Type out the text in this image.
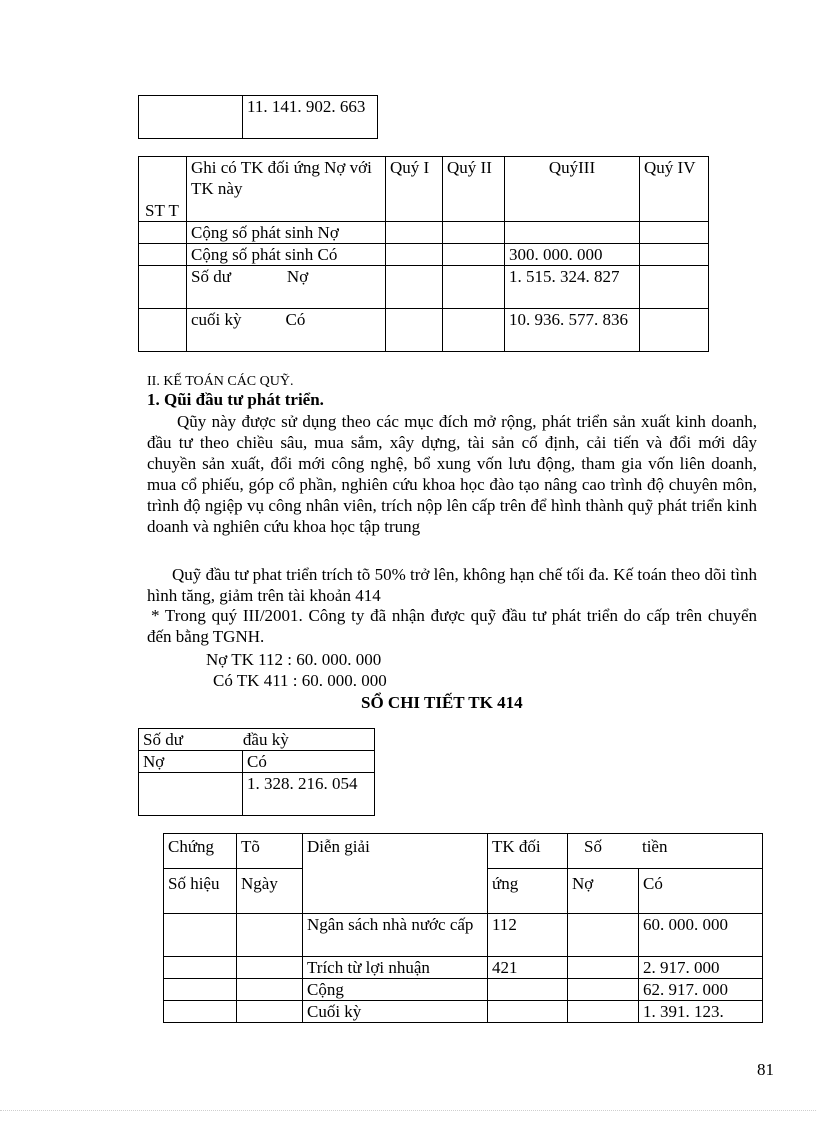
	11. 141. 902. 663
ST T	Ghi có TK đối ứng Nợ với TK này	Quý I	Quý II	QuýIII	Quý IV
	Cộng số phát sinh Nợ				
	Cộng số phát sinh Có			300. 000. 000	
	Số dư Nợ			1. 515. 324. 827	
	cuối kỳ Có			10. 936. 577. 836	
II. KẾ TOÁN CÁC QUỸ.
1. Qũi đầu tư phát triển.
Qũy này được sử dụng theo các mục đích mở rộng, phát triển sản xuất kinh doanh, đầu tư theo chiều sâu, mua sắm, xây dựng, tài sản cố định, cải tiến và đổi mới dây chuyền sản xuất, đổi mới công nghệ, bổ xung vốn lưu động, tham gia vốn liên doanh, mua cổ phiếu, góp cổ phần, nghiên cứu khoa học đào tạo nâng cao trình độ chuyên môn, trình độ ngiệp vụ công nhân viên, trích nộp lên cấp trên để hình thành quỹ phát triển kinh doanh và nghiên cứu khoa học tập trung
Quỹ đầu tư phat triển trích tõ 50% trở lên, không hạn chế tối đa. Kế toán theo dõi tình hình tăng, giảm trên tài khoản 414
* Trong quý III/2001. Công ty đã nhận được quỹ đầu tư phát triển do cấp trên chuyển đến bằng TGNH.
Nợ TK 112 : 60. 000. 000
Có TK 411 : 60. 000. 000
SỔ CHI TIẾT TK 414
Số dư đầu kỳ	
Nợ	Có
	1. 328. 216. 054
Chứng	Tõ	Diễn giải	TK đối	Số tiền	
Số hiệu	Ngày		ứng	Nợ	Có
		Ngân sách nhà nước cấp	112		60. 000. 000
		Trích từ lợi nhuận	421		2. 917. 000
		Cộng			62. 917. 000
		Cuối kỳ			1. 391. 123.
81
